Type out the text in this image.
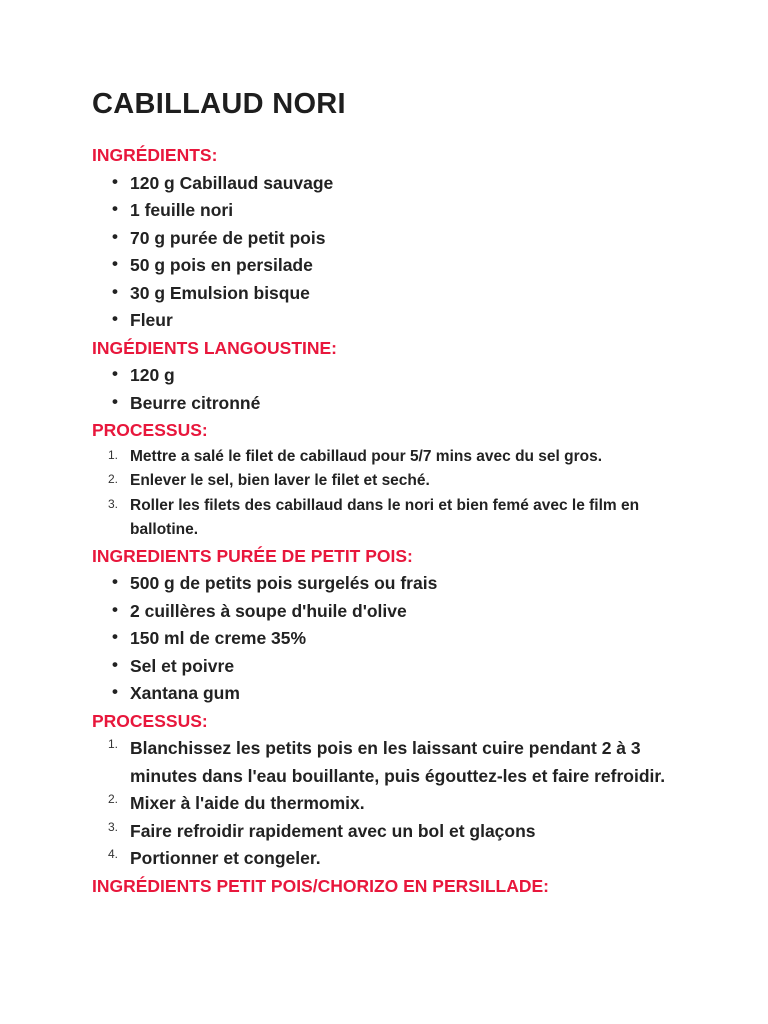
CABILLAUD NORI
INGRÉDIENTS:
• 120 g Cabillaud sauvage
• 1 feuille nori
• 70 g purée de petit pois
• 50 g pois en persilade
• 30 g Emulsion bisque
• Fleur
INGÉDIENTS LANGOUSTINE:
• 120 g
• Beurre citronné
PROCESSUS:
1. Mettre a salé le filet de cabillaud pour 5/7 mins avec du sel gros.
2. Enlever le sel, bien laver le filet et seché.
3. Roller les filets des cabillaud dans le nori et bien femé avec le film en ballotine.
INGREDIENTS PURÉE DE PETIT POIS:
• 500 g de petits pois surgelés ou frais
• 2 cuillères à soupe d'huile d'olive
• 150 ml de creme 35%
• Sel et poivre
• Xantana gum
PROCESSUS:
1. Blanchissez les petits pois en les laissant cuire pendant 2 à 3 minutes dans l'eau bouillante, puis égouttez-les et faire refroidir.
2. Mixer à l'aide du thermomix.
3. Faire refroidir rapidement avec un bol et glaçons
4. Portionner et congeler.
INGRÉDIENTS PETIT POIS/CHORIZO EN PERSILLADE:
